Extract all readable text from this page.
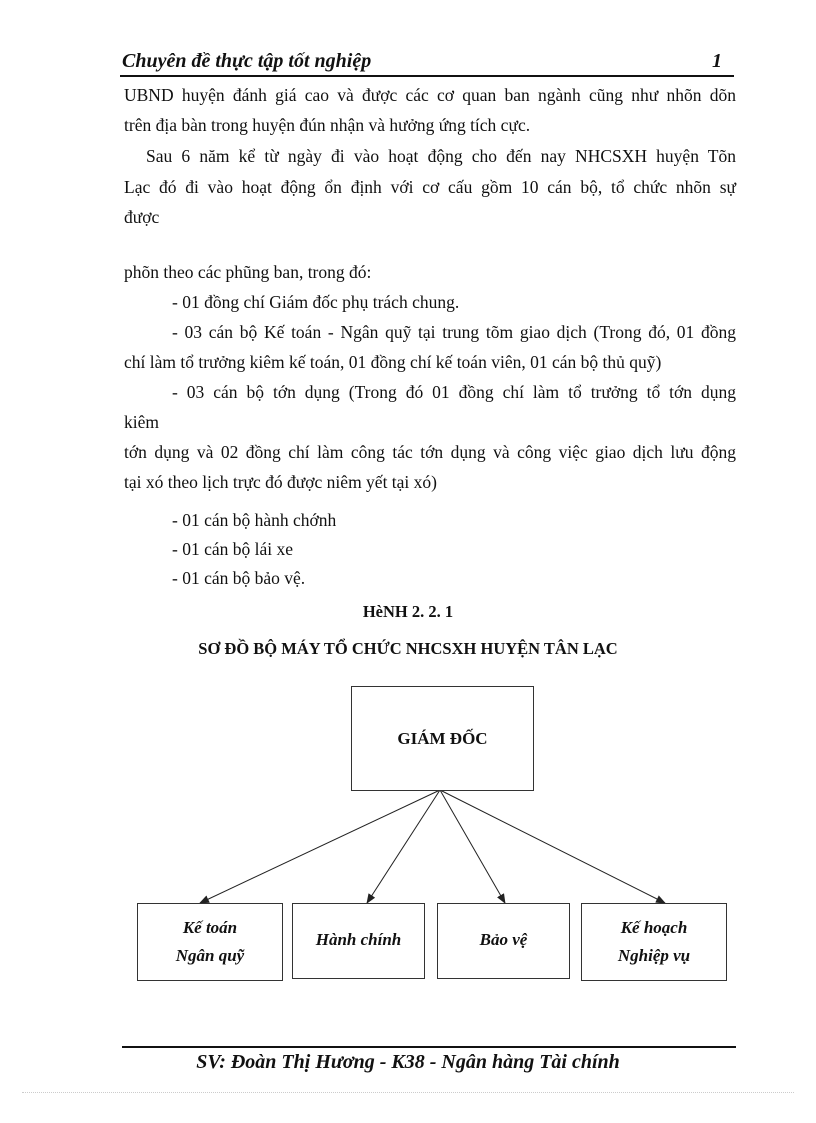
Chuyên đề thực tập tốt nghiệp	1
UBND huyện đánh giá cao và được các cơ quan ban ngành cũng như nhõn dõn
trên địa bàn trong huyện đún nhận và hưởng ứng tích cực.
Sau 6 năm kể từ ngày đi vào hoạt động cho đến nay NHCSXH huyện Tõn
Lạc đó đi vào hoạt động ổn định với cơ cấu gồm 10 cán bộ, tổ chức nhõn sự
được
phõn theo các phũng ban, trong đó:
- 01 đồng chí Giám đốc phụ trách chung.
- 03 cán bộ Kế toán - Ngân quỹ tại trung tõm giao dịch (Trong đó, 01 đồng
chí làm tổ trưởng kiêm kế toán, 01 đồng chí kế toán viên, 01 cán bộ thủ quỹ)
- 03 cán bộ tớn dụng (Trong đó 01 đồng chí làm tổ trưởng tổ tớn dụng
kiêm
tớn dụng và 02 đồng chí làm công tác tớn dụng và công việc giao dịch lưu động
tại xó theo lịch trực đó được niêm yết tại xó)
- 01 cán bộ hành chớnh
- 01 cán bộ lái xe
- 01 cán bộ bảo vệ.
HèNH 2. 2. 1
SƠ ĐỒ BỘ MÁY TỔ CHỨC NHCSXH HUYỆN TÂN LẠC
GIÁM ĐỐC
Kế toán
Ngân quỹ
Hành chính	Bảo vệ
Kế hoạch
Nghiệp vụ
SV: Đoàn Thị Hương - K38 - Ngân hàng Tài chính
